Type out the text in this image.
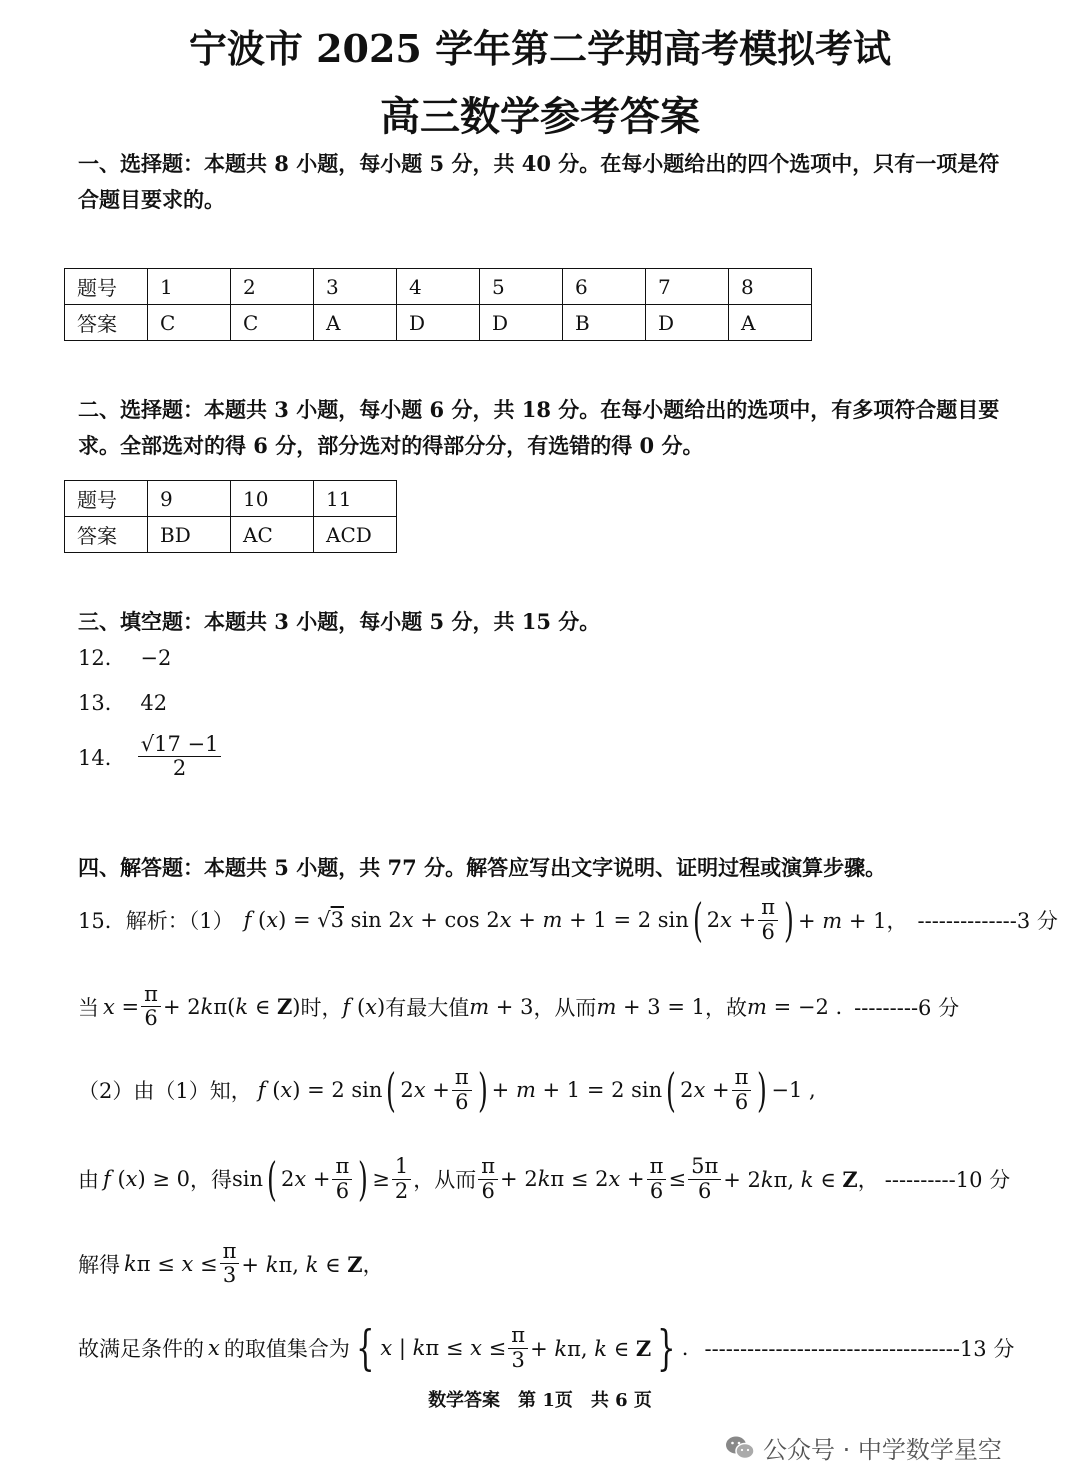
宁波市 2025 学年第二学期高考模拟考试
高三数学参考答案
一、选择题：本题共 8 小题，每小题 5 分，共 40 分。在每小题给出的四个选项中，只有一项是符合题目要求的。
题号	1	2	3	4	5	6	7	8
答案	C	C	A	D	D	B	D	A
二、选择题：本题共 3 小题，每小题 6 分，共 18 分。在每小题给出的选项中，有多项符合题目要求。全部选对的得 6 分，部分选对的得部分分，有选错的得 0 分。
题号	9	10	11
答案	BD	AC	ACD
三、填空题：本题共 3 小题，每小题 5 分，共 15 分。
12． −2
13． 42
14． $\frac{√17 -1}{2}$
四、解答题：本题共 5 小题，共 77 分。解答应写出文字说明、证明过程或演算步骤。
15．解析：（1） f (x) = √3 sin 2x + cos 2x + m + 1 = 2 sin ( $2x + \frac{\pi}{6}$ ) + m + 1， --------------3 分
当 $x = \frac{\pi}{6} + 2k\pi(k$ ∈ Z) 时， f (x) 有最大值 m + 3 ，从而 m + 3 = 1 ，故 m = −2 . ---------6 分
（2）由（1）知， f (x) = 2 sin ( $2x + \frac{\pi}{6}$ ) + m + 1 = 2 sin ( $2x + \frac{\pi}{6}$ ) −1 ,
由 f (x) ≥ 0 ，得 sin ( $2x + \frac{\pi}{6}$ ) ≥ $\frac{1}{2}$ ，从而 $\frac{\pi}{6} + 2k\pi \le 2x + \frac{\pi}{6} \le \frac{5\pi}{6} + 2k\pi$, k ∈ Z， ----------10 分
解得 $k\pi \le x \le \frac{\pi}{3} + k\pi$, k ∈ Z，
故满足条件的 x 的取值集合为 { x | $k\pi \le x \le \frac{\pi}{3} + k\pi$, k ∈ Z } . ------------------------------------13 分
数学答案　第 1页　共 6 页
公众号 · 中学数学星空
